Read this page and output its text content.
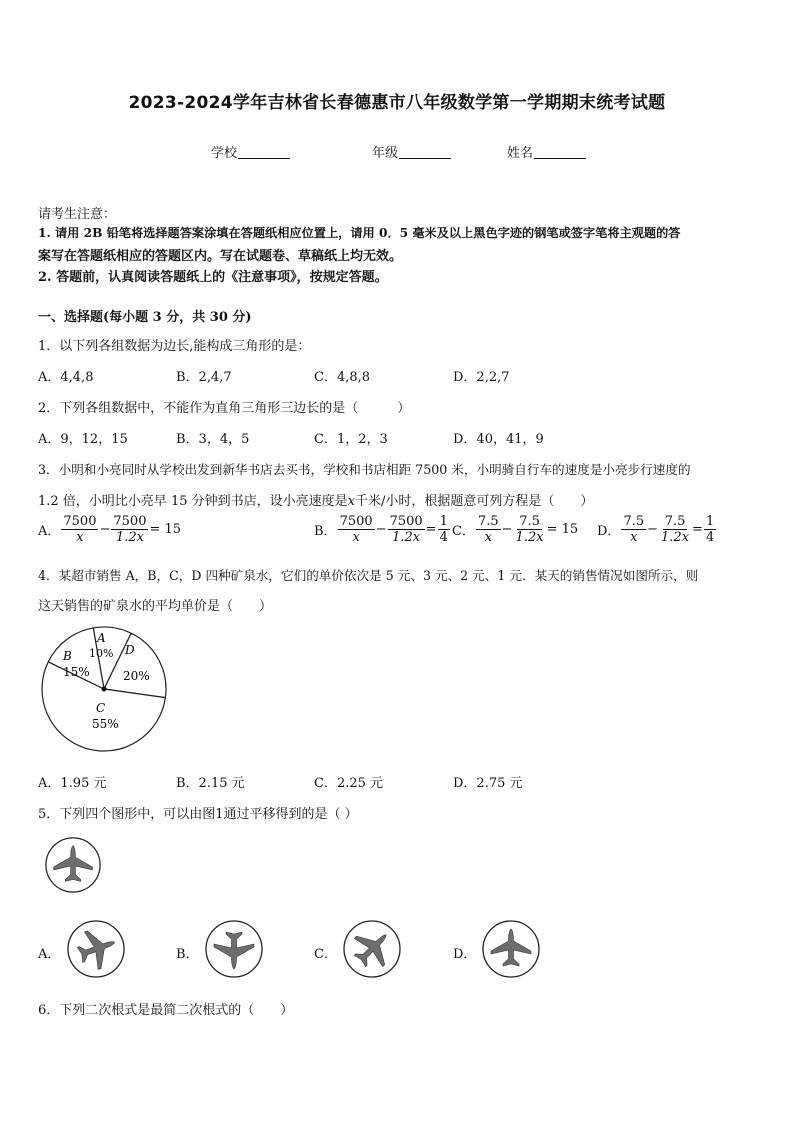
2023-2024学年吉林省长春德惠市八年级数学第一学期期末统考试题
学校	年级	姓名
请考生注意：
1. 请用 2B 铅笔将选择题答案涂填在答题纸相应位置上，请用 0．5 毫米及以上黑色字迹的钢笔或签字笔将主观题的答
案写在答题纸相应的答题区内。写在试题卷、草稿纸上均无效。
2. 答题前，认真阅读答题纸上的《注意事项》，按规定答题。
一、选择题(每小题 3 分，共 30 分)
1．以下列各组数据为边长,能构成三角形的是：
A．4,4,8	B．2,4,7	C．4,8,8	D．2,2,7
2．下列各组数据中，不能作为直角三角形三边长的是（　　　）
A．9，12，15	B．3，4，5	C．1，2，3	D．40，41，9
3．小明和小亮同时从学校出发到新华书店去买书，学校和书店相距 7500 米，小明骑自行车的速度是小亮步行速度的
1.2 倍，小明比小亮早 15 分钟到书店，设小亮速度是x千米/小时，根据题意可列方程是（　　）
A． $\frac{7500}{x} - \frac{7500}{1.2x} = 15$	B． $\frac{7500}{x} - \frac{7500}{1.2x} = \frac{1}{4}$ C． $\frac{7.5}{x} - \frac{7.5}{1.2x} = 15$ D． $\frac{7.5}{x} - \frac{7.5}{1.2x} = \frac{1}{4}$
4．某超市销售 A，B，C，D 四种矿泉水，它们的单价依次是 5 元、3 元、2 元、1 元．某天的销售情况如图所示，则
这天销售的矿泉水的平均单价是（　　）
A
10% D
20%
C
55%
B
15%
A．1.95 元	B．2.15 元	C．2.25 元	D．2.75 元
5．下列四个图形中，可以由图1通过平移得到的是（ ）
A．	B．	C．	D．
6．下列二次根式是最简二次根式的（　　）
